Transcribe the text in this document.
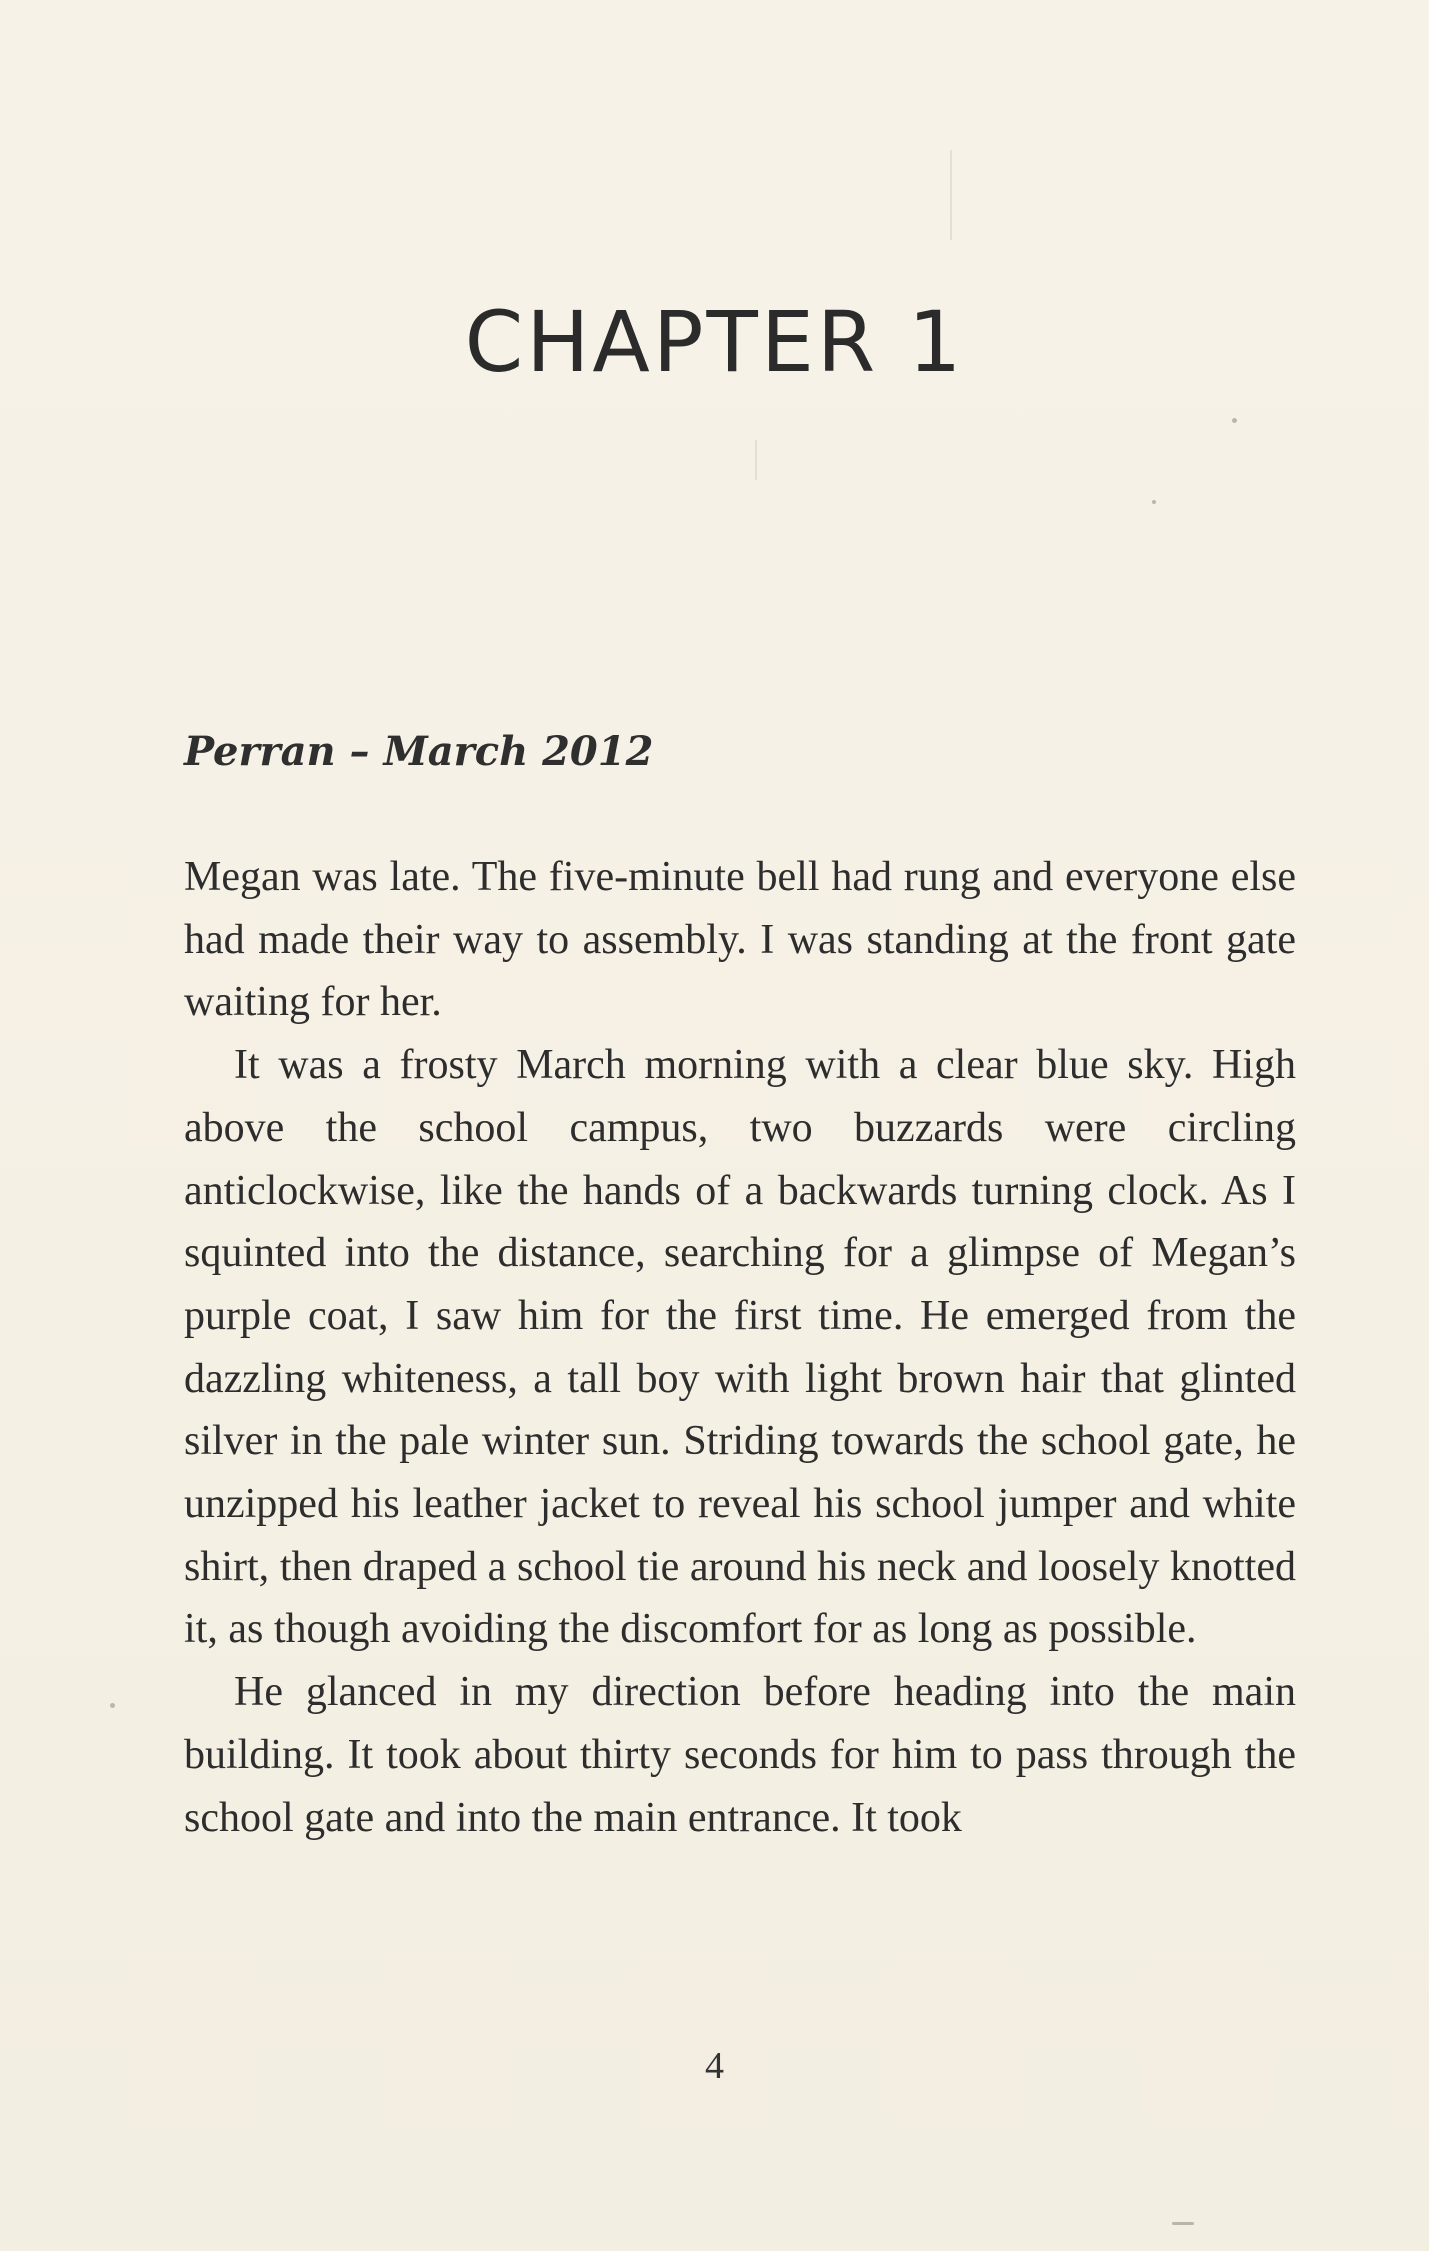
CHAPTER 1
Perran – March 2012

Megan was late. The five-minute bell had rung and everyone else had made their way to assembly. I was standing at the front gate waiting for her.

It was a frosty March morning with a clear blue sky. High above the school campus, two buzzards were circling anticlockwise, like the hands of a backwards turning clock. As I squinted into the distance, searching for a glimpse of Megan’s purple coat, I saw him for the first time. He emerged from the dazzling whiteness, a tall boy with light brown hair that glinted silver in the pale winter sun. Striding towards the school gate, he unzipped his leather jacket to reveal his school jumper and white shirt, then draped a school tie around his neck and loosely knotted it, as though avoiding the discomfort for as long as possible.

He glanced in my direction before heading into the main building. It took about thirty seconds for him to pass through the school gate and into the main entrance. It took

4
